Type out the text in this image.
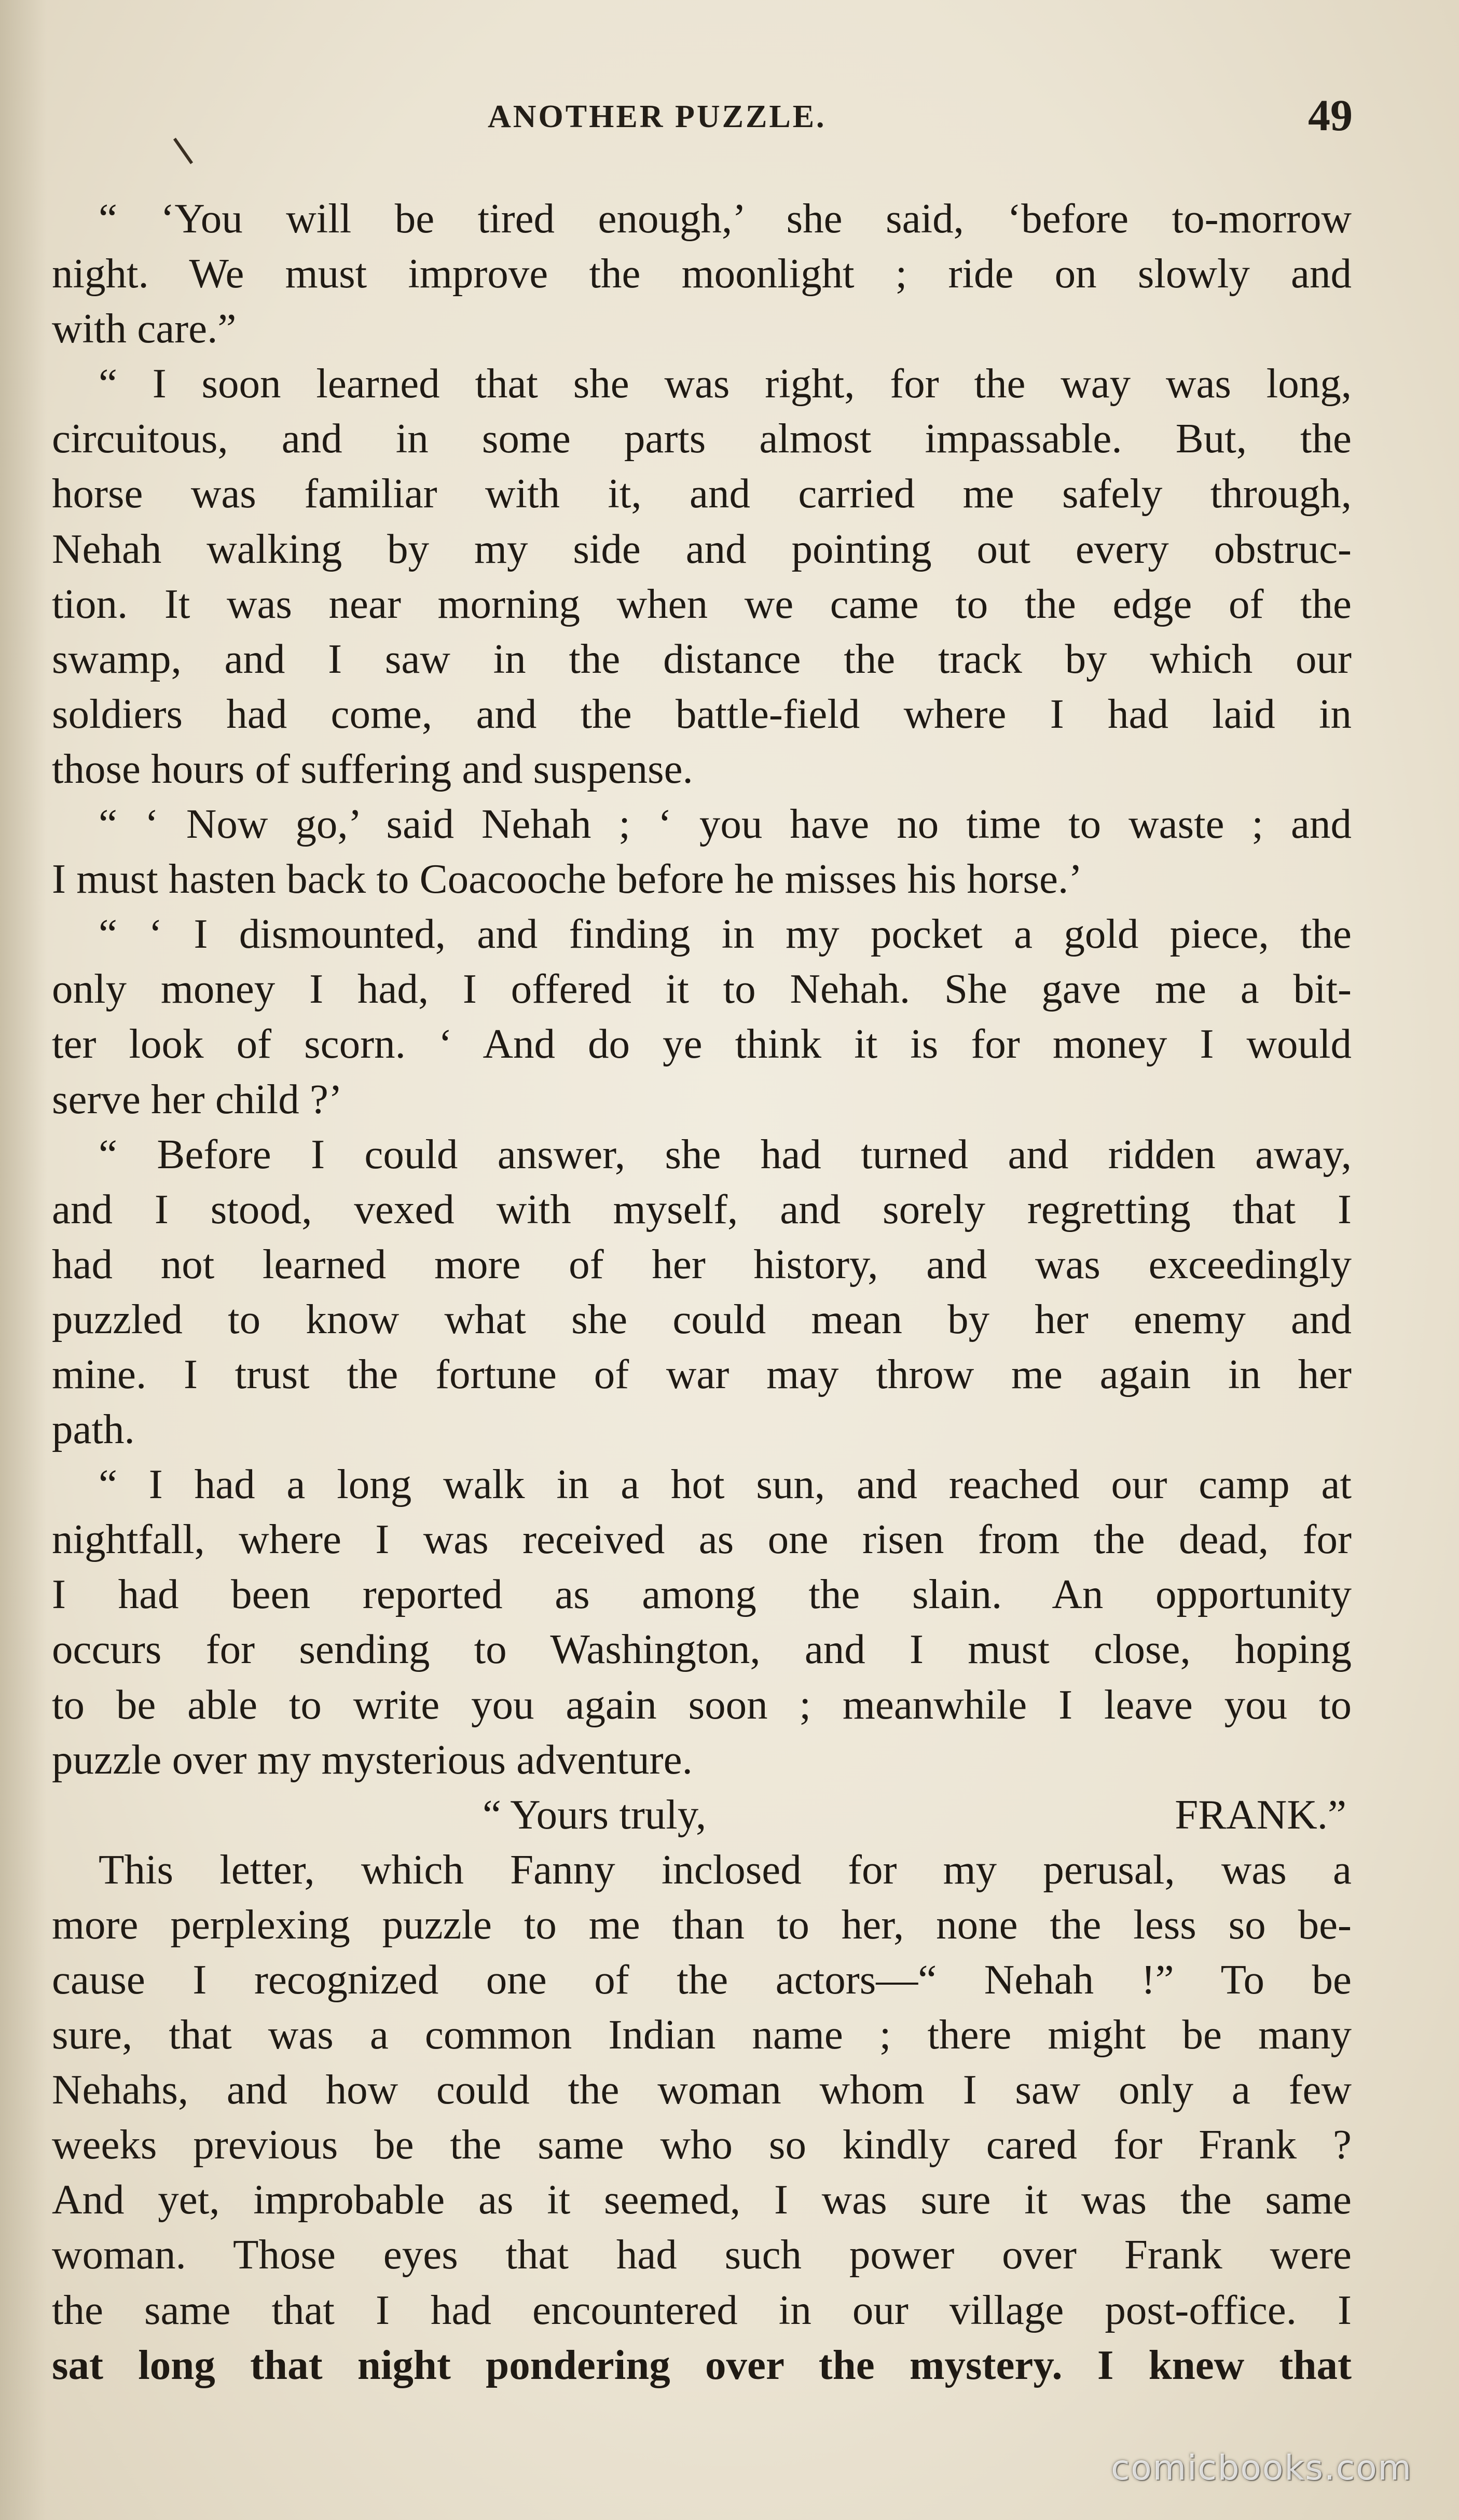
ANOTHER PUZZLE.	49
“ ‘You will be tired enough,’ she said, ‘before to-morrow
night. We must improve the moonlight ; ride on slowly and
with care.”
“ I soon learned that she was right, for the way was long,
circuitous, and in some parts almost impassable. But, the
horse was familiar with it, and carried me safely through,
Nehah walking by my side and pointing out every obstruc-
tion. It was near morning when we came to the edge of the
swamp, and I saw in the distance the track by which our
soldiers had come, and the battle-field where I had laid in
those hours of suffering and suspense.
“ ‘ Now go,’ said Nehah ; ‘ you have no time to waste ; and
I must hasten back to Coacooche before he misses his horse.’
“ ‘ I dismounted, and finding in my pocket a gold piece, the
only money I had, I offered it to Nehah. She gave me a bit-
ter look of scorn. ‘ And do ye think it is for money I would
serve her child ?’
“ Before I could answer, she had turned and ridden away,
and I stood, vexed with myself, and sorely regretting that I
had not learned more of her history, and was exceedingly
puzzled to know what she could mean by her enemy and
mine. I trust the fortune of war may throw me again in her
path.
“ I had a long walk in a hot sun, and reached our camp at
nightfall, where I was received as one risen from the dead, for
I had been reported as among the slain. An opportunity
occurs for sending to Washington, and I must close, hoping
to be able to write you again soon ; meanwhile I leave you to
puzzle over my mysterious adventure.
“ Yours truly,	FRANK.”
This letter, which Fanny inclosed for my perusal, was a
more perplexing puzzle to me than to her, none the less so be-
cause I recognized one of the actors—“ Nehah !” To be
sure, that was a common Indian name ; there might be many
Nehahs, and how could the woman whom I saw only a few
weeks previous be the same who so kindly cared for Frank ?
And yet, improbable as it seemed, I was sure it was the same
woman. Those eyes that had such power over Frank were
the same that I had encountered in our village post-office. I
sat long that night pondering over the mystery. I knew that
comicbooks.com
